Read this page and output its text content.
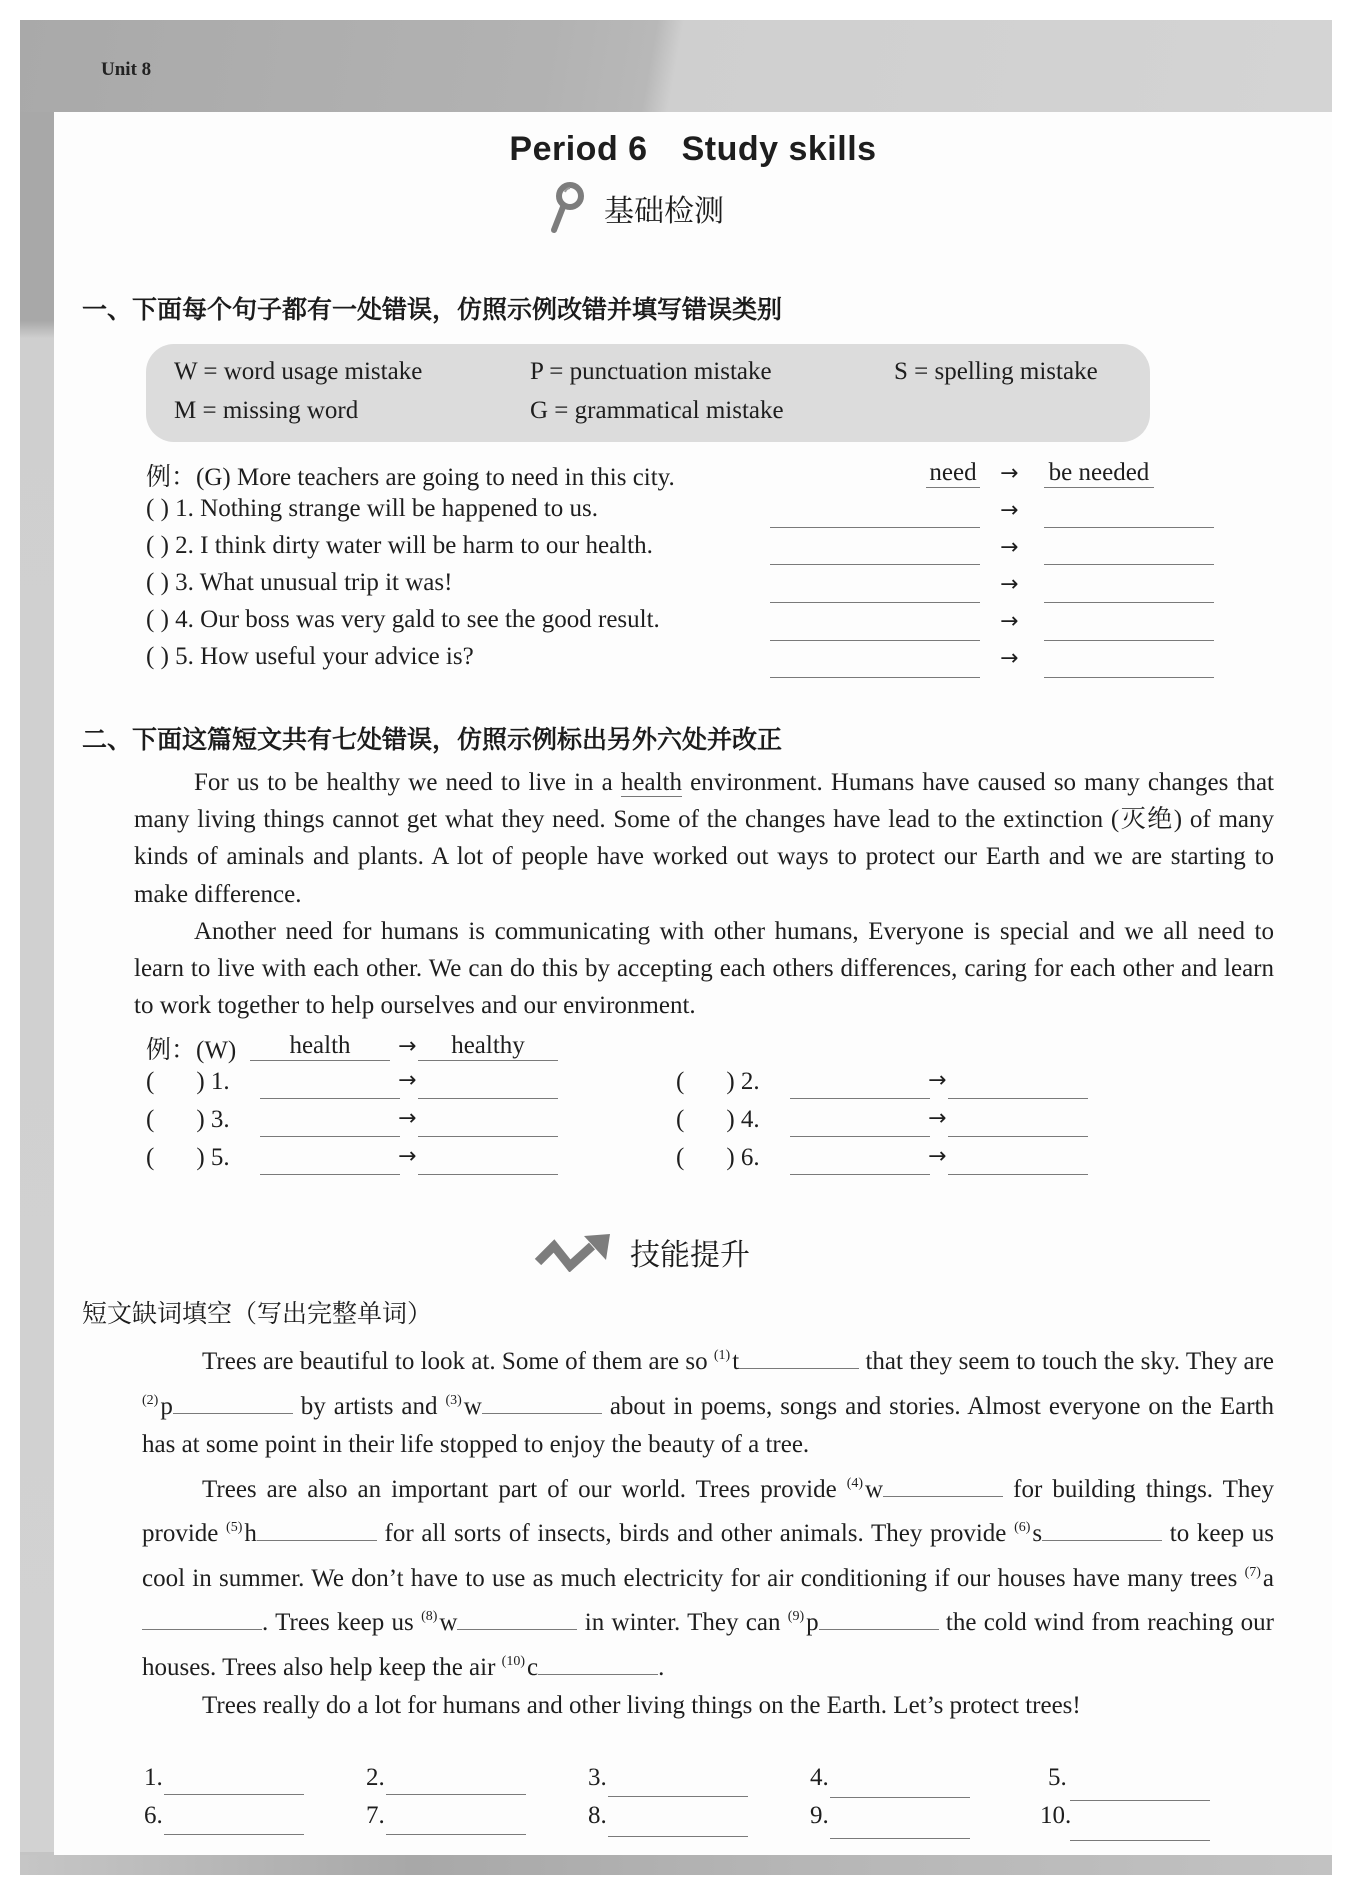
Unit 8
Period 6 Study skills
基础检测
一、下面每个句子都有一处错误，仿照示例改错并填写错误类别
W = word usage mistake	P = punctuation mistake	S = spelling mistake
M = missing word	G = grammatical mistake
例：(G) More teachers are going to need in this city.	need → be needed
( ) 1. Nothing strange will be happened to us.	→
( ) 2. I think dirty water will be harm to our health.	→
( ) 3. What unusual trip it was!	→
( ) 4. Our boss was very gald to see the good result.	→
( ) 5. How useful your advice is?	→
二、下面这篇短文共有七处错误，仿照示例标出另外六处并改正

For us to be healthy we need to live in a health environment. Humans have caused so many changes that many living things cannot get what they need. Some of the changes have lead to the extinction (灭绝) of many kinds of aminals and plants. A lot of people have worked out ways to protect our Earth and we are starting to make difference.

Another need for humans is communicating with other humans, Everyone is special and we all need to learn to live with each other. We can do this by accepting each others differences, caring for each other and learn to work together to help ourselves and our environment.

例：(W)	health	→	healthy
( ) 1.	→	( ) 2.	→
( ) 3.	→	( ) 4.	→
( ) 5.	→	( ) 6.	→
技能提升
短文缺词填空（写出完整单词）

Trees are beautiful to look at. Some of them are so $^{(1)}$t	that they seem to touch the sky. They are $^{(2)}$p	by artists and $^{(3)}$w	about in poems, songs and stories. Almost everyone on the Earth has at some point in their life stopped to enjoy the beauty of a tree.

Trees are also an important part of our world. Trees provide $^{(4)}$w	for building things. They provide $^{(5)}$h	for all sorts of insects, birds and other animals. They provide $^{(6)}$s	to keep us cool in summer. We don’t have to use as much electricity for air conditioning if our houses have many trees $^{(7)}$a. Trees keep us $^{(8)}$w	in winter. They can $^{(9)}$p	the cold wind from reaching our houses. Trees also help keep the air $^{(10)}$c	.

Trees really do a lot for humans and other living things on the Earth. Let’s protect trees!

1.	2.	3.	4.	5.
6.	7.	8.	9.	10.
